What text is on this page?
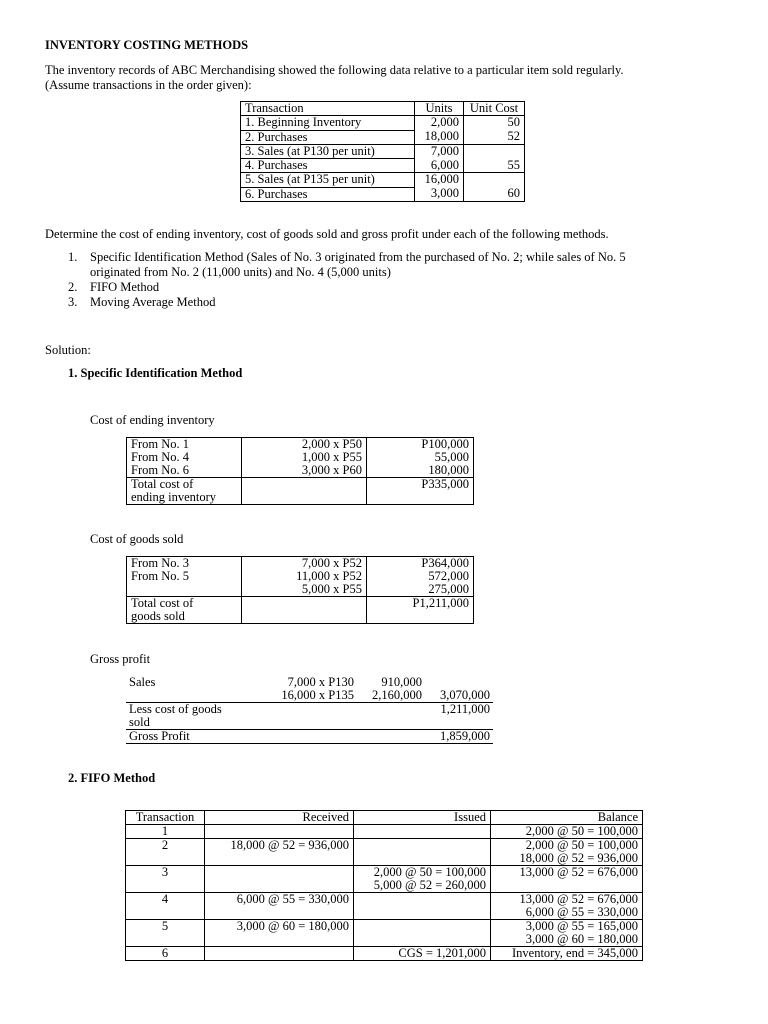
INVENTORY COSTING METHODS
The inventory records of ABC Merchandising showed the following data relative to a particular item sold regularly.
(Assume transactions in the order given):
Transaction	Units	Unit Cost
1. Beginning Inventory	2,000	50
2. Purchases	18,000	52
3. Sales (at P130 per unit)	7,000	
4. Purchases	6,000	55
5. Sales (at P135 per unit)	16,000	
6. Purchases	3,000	60
Determine the cost of ending inventory, cost of goods sold and gross profit under each of the following methods.
1. Specific Identification Method (Sales of No. 3 originated from the purchased of No. 2; while sales of No. 5
originated from No. 2 (11,000 units) and No. 4 (5,000 units)
2. FIFO Method
3. Moving Average Method
Solution:
1. Specific Identification Method
Cost of ending inventory
From No. 1	2,000 x P50	P100,000
From No. 4	1,000 x P55	55,000
From No. 6	3,000 x P60	180,000

Total cost of
ending inventory		P335,000
Cost of goods sold
From No. 3	7,000 x P52	P364,000
From No. 5	11,000 x P52	572,000
	5,000 x P55	275,000

Total cost of
goods sold		P1,211,000
Gross profit
Sales	7,000 x P130	910,000	
	16,000 x P135	2,160,000	3,070,000

Less cost of goods
sold			1,211,000
Gross Profit			1,859,000
2. FIFO Method
Transaction	Received	Issued	Balance
1			2,000 @ 50 = 100,000

2	18,000 @ 52 = 936,000		2,000 @ 50 = 100,000
18,000 @ 52 = 936,000

3		2,000 @ 50 = 100,000
5,000 @ 52 = 260,000	13,000 @ 52 = 676,000

4	6,000 @ 55 = 330,000		13,000 @ 52 = 676,000
6,000 @ 55 = 330,000

5	3,000 @ 60 = 180,000		3,000 @ 55 = 165,000
3,000 @ 60 = 180,000

6		CGS = 1,201,000	Inventory, end = 345,000
